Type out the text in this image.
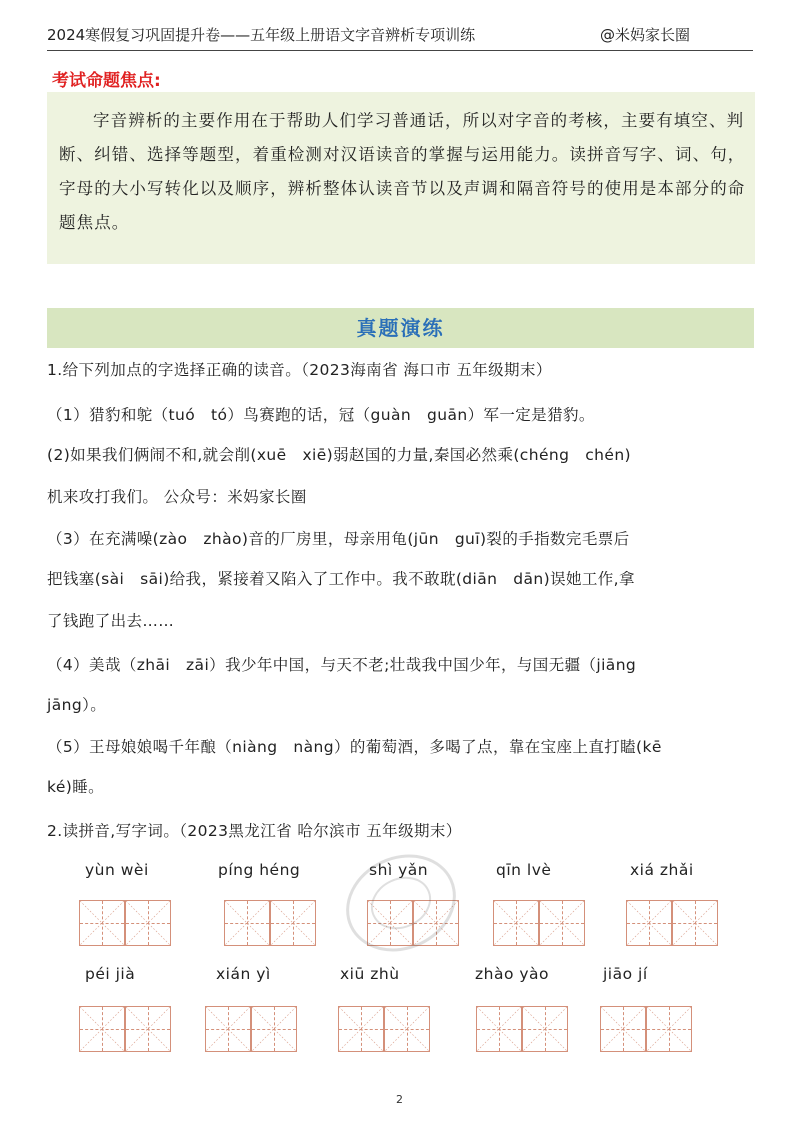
2024寒假复习巩固提升卷——五年级上册语文字音辨析专项训练	@米妈家长圈
考试命题焦点:

字音辨析的主要作用在于帮助人们学习普通话，所以对字音的考核，主要有填空、判断、纠错、选择等题型，着重检测对汉语读音的掌握与运用能力。读拼音写字、词、句，字母的大小写转化以及顺序，辨析整体认读音节以及声调和隔音符号的使用是本部分的命题焦点。

真题演练
1.给下列加点的字选择正确的读音。（2023海南省 海口市 五年级期末）
（1）猎豹和鸵（tuó　tó）鸟赛跑的话，冠（guàn　guān）军一定是猎豹。
(2)如果我们俩闹不和,就会削(xuē　xiē)弱赵国的力量,秦国必然乘(chéng　chén)
机来攻打我们。 公众号：米妈家长圈
（3）在充满噪(zào　zhào)音的厂房里，母亲用龟(jūn　guī)裂的手指数完毛票后
把钱塞(sài　sāi)给我，紧接着又陷入了工作中。我不敢耽(diān　dān)误她工作,拿
了钱跑了出去……
（4）美哉（zhāi　zāi）我少年中国，与天不老;壮哉我中国少年，与国无疆（jiāng
jāng）。
（5）王母娘娘喝千年酿（niàng　nàng）的葡萄酒，多喝了点，靠在宝座上直打瞌(kē
ké)睡。
2.读拼音,写字词。（2023黑龙江省 哈尔滨市 五年级期末）
yùn wèi	píng héng	shì yǎn	qīn lvè	xiá zhǎi
péi jià	xián yì	xiū zhù	zhào yào	jiāo jí
2
